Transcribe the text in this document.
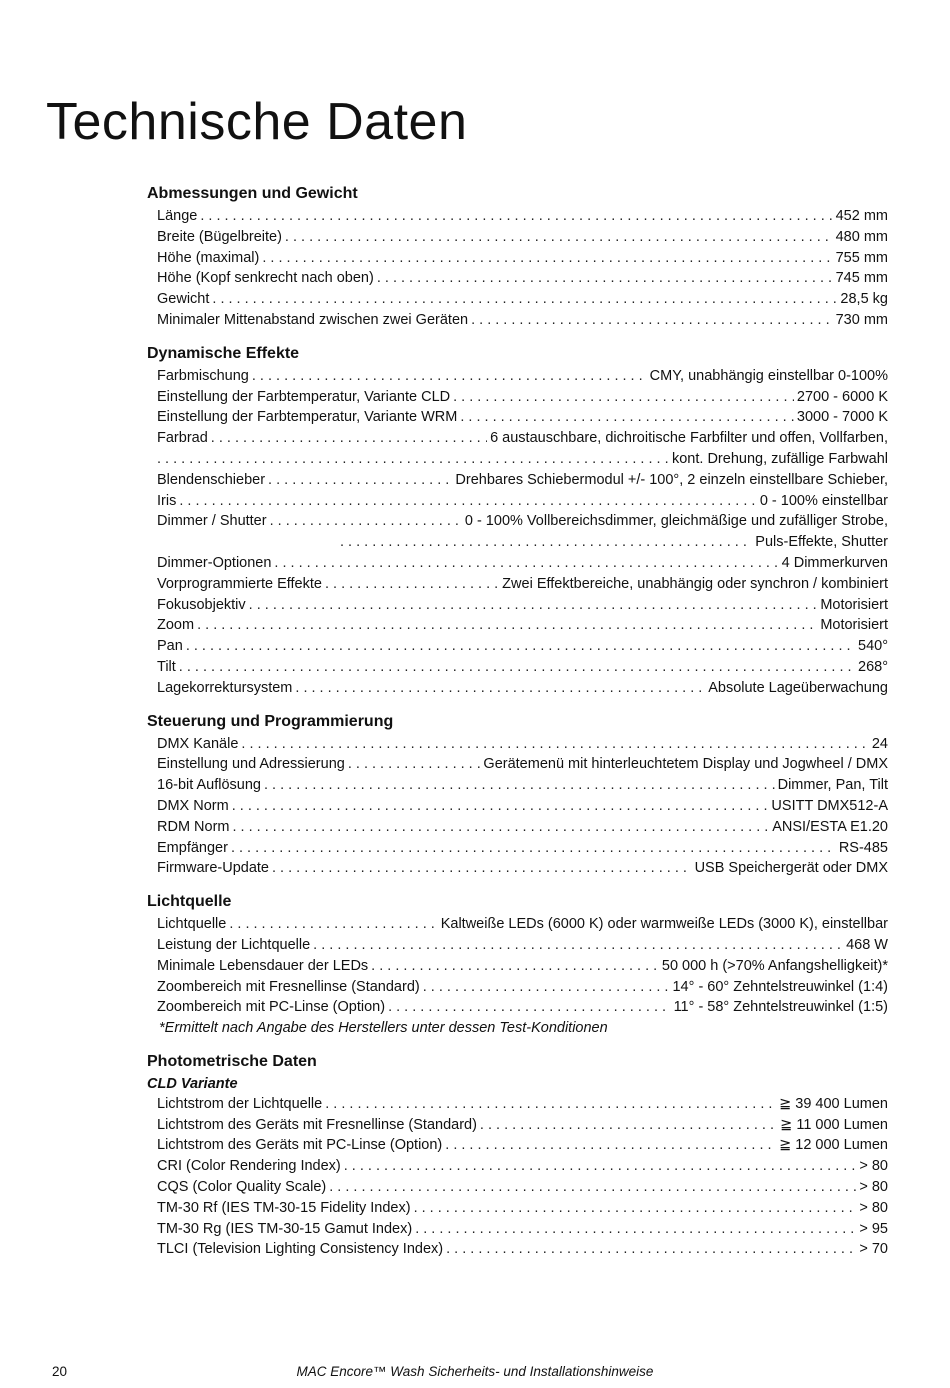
Technische Daten
Abmessungen und Gewicht
Länge . . .	452 mm
Breite (Bügelbreite) . . .	480 mm
Höhe (maximal) . . .	755 mm
Höhe (Kopf senkrecht nach oben) . . .	745 mm
Gewicht . . .	28,5 kg
Minimaler Mittenabstand zwischen zwei Geräten . . .	730 mm
Dynamische Effekte
Farbmischung . . .	CMY, unabhängig einstellbar 0-100%
Einstellung der Farbtemperatur, Variante CLD . . .	2700 - 6000 K
Einstellung der Farbtemperatur, Variante WRM . . .	3000 - 7000 K
Farbrad . . .	6 austauschbare, dichroitische Farbfilter und offen, Vollfarben,
. . .
kont. Drehung, zufällige Farbwahl
Blendenschieber . . .	Drehbares Schiebermodul +/- 100°, 2 einzeln einstellbare Schieber,
Iris . . .	0 - 100% einstellbar
Dimmer / Shutter . . .	0 - 100% Vollbereichsdimmer, gleichmäßige und zufälliger Strobe,
. . .
Puls-Effekte, Shutter
Dimmer-Optionen . . .	4 Dimmerkurven
Vorprogrammierte Effekte . . .	Zwei Effektbereiche, unabhängig oder synchron / kombiniert
Fokusobjektiv . . .	Motorisiert
Zoom . . .	Motorisiert
Pan . . .	540°
Tilt . . .	268°
Lagekorrektursystem . . .	Absolute Lageüberwachung
Steuerung und Programmierung
DMX Kanäle . . .	24
Einstellung und Adressierung . . .	Gerätemenü mit hinterleuchtetem Display und Jogwheel / DMX
16-bit Auflösung . . .	Dimmer, Pan, Tilt
DMX Norm . . .	USITT DMX512-A
RDM Norm . . .	ANSI/ESTA E1.20
Empfänger . . .	RS-485
Firmware-Update . . .	USB Speichergerät oder DMX
Lichtquelle
Lichtquelle . . .	Kaltweiße LEDs (6000 K) oder warmweiße LEDs (3000 K), einstellbar
Leistung der Lichtquelle . . .	468 W
Minimale Lebensdauer der LEDs . . .	50 000 h (>70% Anfangshelligkeit)*
Zoombereich mit Fresnellinse (Standard) . . .	14° - 60° Zehntelstreuwinkel (1:4)
Zoombereich mit PC-Linse (Option) . . .	11° - 58° Zehntelstreuwinkel (1:5)
*Ermittelt nach Angabe des Herstellers unter dessen Test-Konditionen
Photometrische Daten
CLD Variante
Lichtstrom der Lichtquelle . . .	≧ 39 400 Lumen
Lichtstrom des Geräts mit Fresnellinse (Standard) . . .	≧ 11 000 Lumen
Lichtstrom des Geräts mit PC-Linse (Option) . . .	≧ 12 000 Lumen
CRI (Color Rendering Index) . . .	> 80
CQS (Color Quality Scale) . . .	> 80
TM-30 Rf (IES TM-30-15 Fidelity Index) . . .	> 80
TM-30 Rg (IES TM-30-15 Gamut Index) . . .	> 95
TLCI (Television Lighting Consistency Index) . . .	> 70
20	MAC Encore™ Wash Sicherheits- und Installationshinweise
